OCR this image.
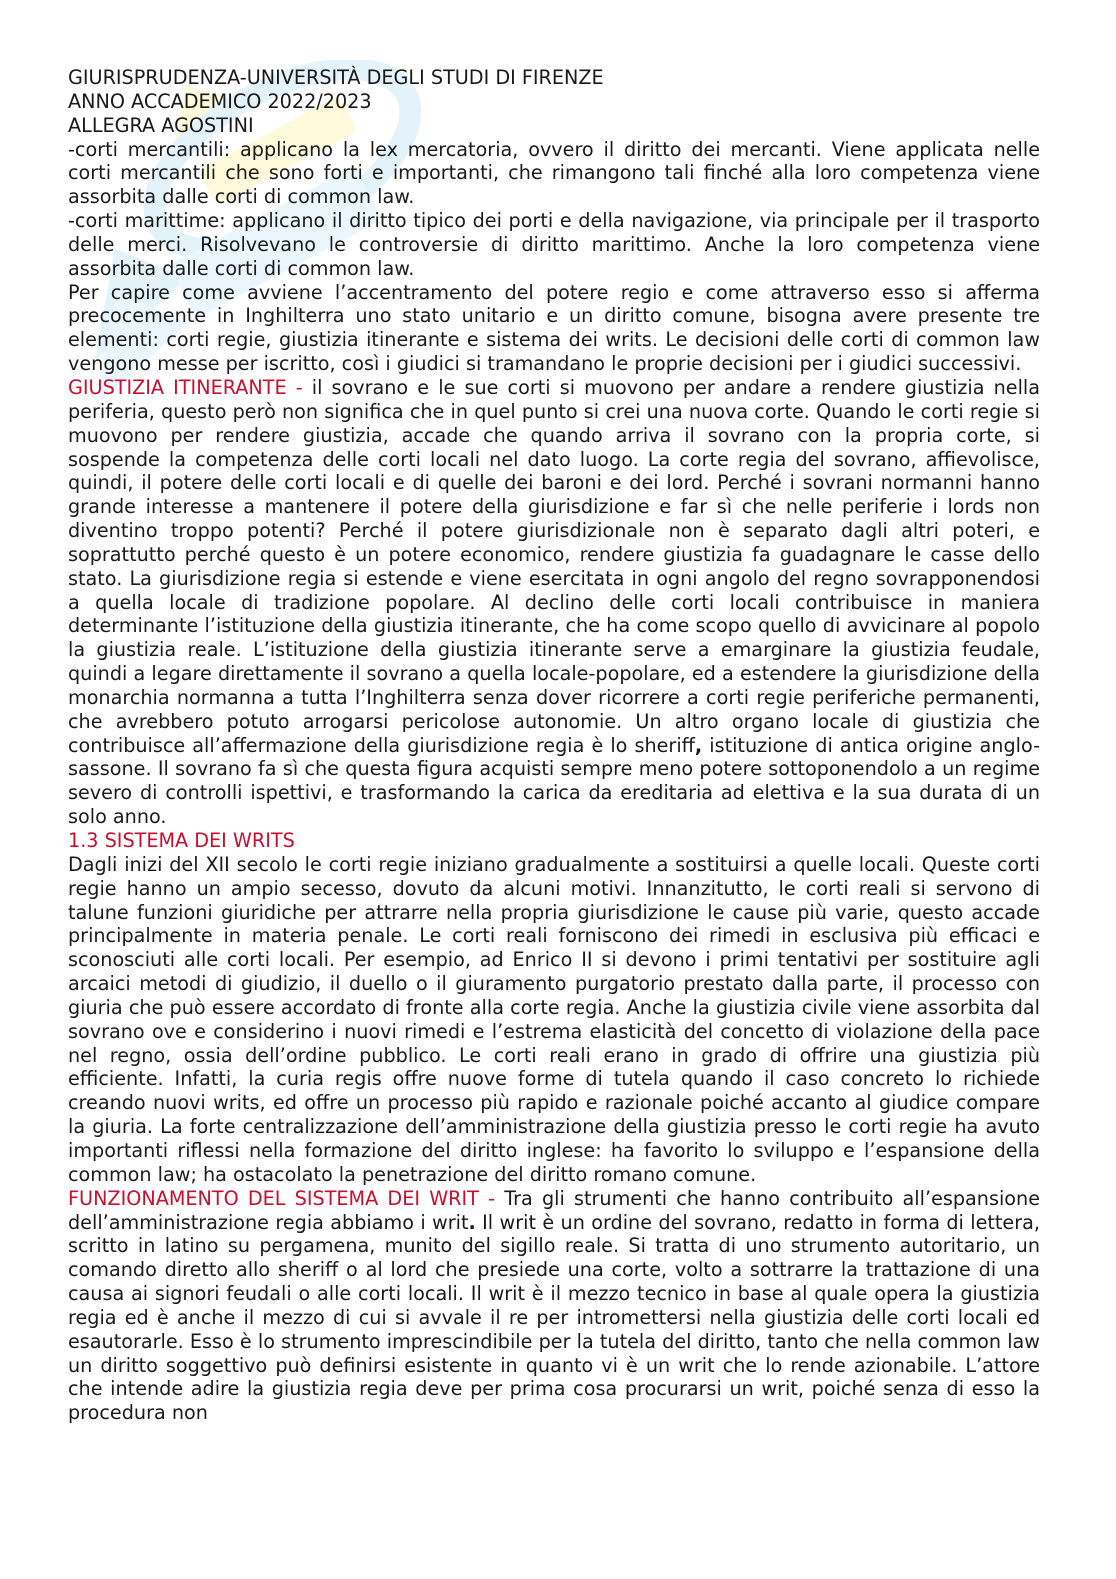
GIURISPRUDENZA-UNIVERSITÀ DEGLI STUDI DI FIRENZE

ANNO ACCADEMICO 2022/2023

ALLEGRA AGOSTINI

-corti mercantili: applicano la lex mercatoria, ovvero il diritto dei mercanti. Viene applicata nelle corti mercantili che sono forti e importanti, che rimangono tali finché alla loro competenza viene assorbita dalle corti di common law.

-corti marittime: applicano il diritto tipico dei porti e della navigazione, via principale per il trasporto delle merci. Risolvevano le controversie di diritto marittimo. Anche la loro competenza viene assorbita dalle corti di common law.

Per capire come avviene l’accentramento del potere regio e come attraverso esso si afferma precocemente in Inghilterra uno stato unitario e un diritto comune, bisogna avere presente tre elementi: corti regie, giustizia itinerante e sistema dei writs. Le decisioni delle corti di common law vengono messe per iscritto, così i giudici si tramandano le proprie decisioni per i giudici successivi.

GIUSTIZIA ITINERANTE - il sovrano e le sue corti si muovono per andare a rendere giustizia nella periferia, questo però non significa che in quel punto si crei una nuova corte. Quando le corti regie si muovono per rendere giustizia, accade che quando arriva il sovrano con la propria corte, si sospende la competenza delle corti locali nel dato luogo. La corte regia del sovrano, affievolisce, quindi, il potere delle corti locali e di quelle dei baroni e dei lord. Perché i sovrani normanni hanno grande interesse a mantenere il potere della giurisdizione e far sì che nelle periferie i lords non diventino troppo potenti? Perché il potere giurisdizionale non è separato dagli altri poteri, e soprattutto perché questo è un potere economico, rendere giustizia fa guadagnare le casse dello stato. La giurisdizione regia si estende e viene esercitata in ogni angolo del regno sovrapponendosi a quella locale di tradizione popolare. Al declino delle corti locali contribuisce in maniera determinante l’istituzione della giustizia itinerante, che ha come scopo quello di avvicinare al popolo la giustizia reale. L’istituzione della giustizia itinerante serve a emarginare la giustizia feudale, quindi a legare direttamente il sovrano a quella locale-popolare, ed a estendere la giurisdizione della monarchia normanna a tutta l’Inghilterra senza dover ricorrere a corti regie periferiche permanenti, che avrebbero potuto arrogarsi pericolose autonomie. Un altro organo locale di giustizia che contribuisce all’affermazione della giurisdizione regia è lo sheriff, istituzione di antica origine anglo-sassone. Il sovrano fa sì che questa figura acquisti sempre meno potere sottoponendolo a un regime severo di controlli ispettivi, e trasformando la carica da ereditaria ad elettiva e la sua durata di un solo anno.

1.3 SISTEMA DEI WRITS

Dagli inizi del XII secolo le corti regie iniziano gradualmente a sostituirsi a quelle locali. Queste corti regie hanno un ampio secesso, dovuto da alcuni motivi. Innanzitutto, le corti reali si servono di talune funzioni giuridiche per attrarre nella propria giurisdizione le cause più varie, questo accade principalmente in materia penale. Le corti reali forniscono dei rimedi in esclusiva più efficaci e sconosciuti alle corti locali. Per esempio, ad Enrico II si devono i primi tentativi per sostituire agli arcaici metodi di giudizio, il duello o il giuramento purgatorio prestato dalla parte, il processo con giuria che può essere accordato di fronte alla corte regia. Anche la giustizia civile viene assorbita dal sovrano ove e considerino i nuovi rimedi e l’estrema elasticità del concetto di violazione della pace nel regno, ossia dell’ordine pubblico. Le corti reali erano in grado di offrire una giustizia più efficiente. Infatti, la curia regis offre nuove forme di tutela quando il caso concreto lo richiede creando nuovi writs, ed offre un processo più rapido e razionale poiché accanto al giudice compare la giuria. La forte centralizzazione dell’amministrazione della giustizia presso le corti regie ha avuto importanti riflessi nella formazione del diritto inglese: ha favorito lo sviluppo e l’espansione della common law; ha ostacolato la penetrazione del diritto romano comune.

FUNZIONAMENTO DEL SISTEMA DEI WRIT - Tra gli strumenti che hanno contribuito all’espansione dell’amministrazione regia abbiamo i writ. Il writ è un ordine del sovrano, redatto in forma di lettera, scritto in latino su pergamena, munito del sigillo reale. Si tratta di uno strumento autoritario, un comando diretto allo sheriff o al lord che presiede una corte, volto a sottrarre la trattazione di una causa ai signori feudali o alle corti locali. Il writ è il mezzo tecnico in base al quale opera la giustizia regia ed è anche il mezzo di cui si avvale il re per intromettersi nella giustizia delle corti locali ed esautorarle. Esso è lo strumento imprescindibile per la tutela del diritto, tanto che nella common law un diritto soggettivo può definirsi esistente in quanto vi è un writ che lo rende azionabile. L’attore che intende adire la giustizia regia deve per prima cosa procurarsi un writ, poiché senza di esso la procedura non
